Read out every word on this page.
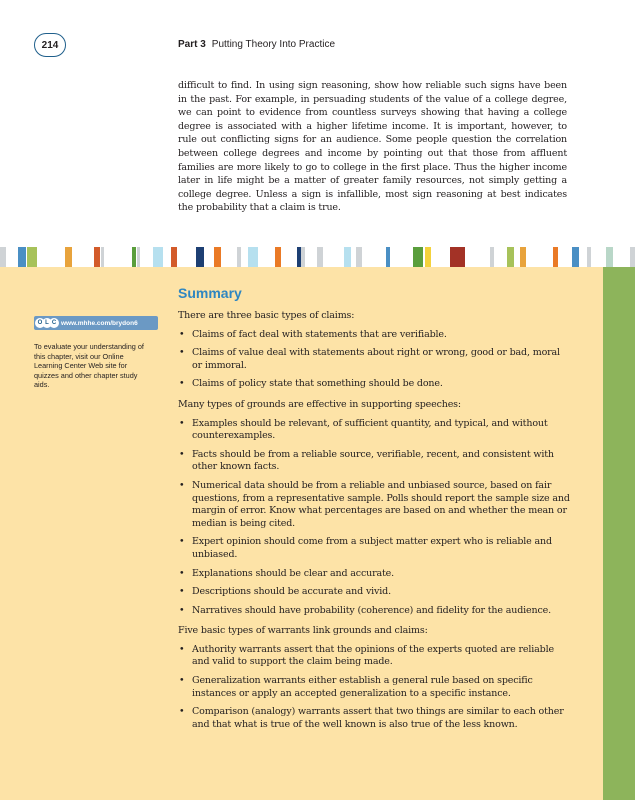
214	Part 3 Putting Theory Into Practice
difficult to find. In using sign reasoning, show how reliable such signs have been in the past. For example, in persuading students of the value of a college degree, we can point to evidence from countless surveys showing that having a college degree is associated with a higher lifetime income. It is important, however, to rule out conflicting signs for an audience. Some people question the correlation between college degrees and income by pointing out that those from affluent families are more likely to go to college in the first place. Thus the higher income later in life might be a matter of greater family resources, not simply getting a college degree. Unless a sign is infallible, most sign reasoning at best indicates the probability that a claim is true.
Summary
O L C www.mhhe.com/brydon6
To evaluate your understanding of this chapter, visit our Online Learning Center Web site for quizzes and other chapter study aids.

There are three basic types of claims:

• Claims of fact deal with statements that are verifiable.
• Claims of value deal with statements about right or wrong, good or bad, moral or immoral.
• Claims of policy state that something should be done.

Many types of grounds are effective in supporting speeches:

• Examples should be relevant, of sufficient quantity, and typical, and without counterexamples.
• Facts should be from a reliable source, verifiable, recent, and consistent with other known facts.
• Numerical data should be from a reliable and unbiased source, based on fair questions, from a representative sample. Polls should report the sample size and margin of error. Know what percentages are based on and whether the mean or median is being cited.
• Expert opinion should come from a subject matter expert who is reliable and unbiased.
• Explanations should be clear and accurate.
• Descriptions should be accurate and vivid.
• Narratives should have probability (coherence) and fidelity for the audience.

Five basic types of warrants link grounds and claims:

• Authority warrants assert that the opinions of the experts quoted are reliable and valid to support the claim being made.
• Generalization warrants either establish a general rule based on specific instances or apply an accepted generalization to a specific instance.
• Comparison (analogy) warrants assert that two things are similar to each other and that what is true of the well known is also true of the less known.
